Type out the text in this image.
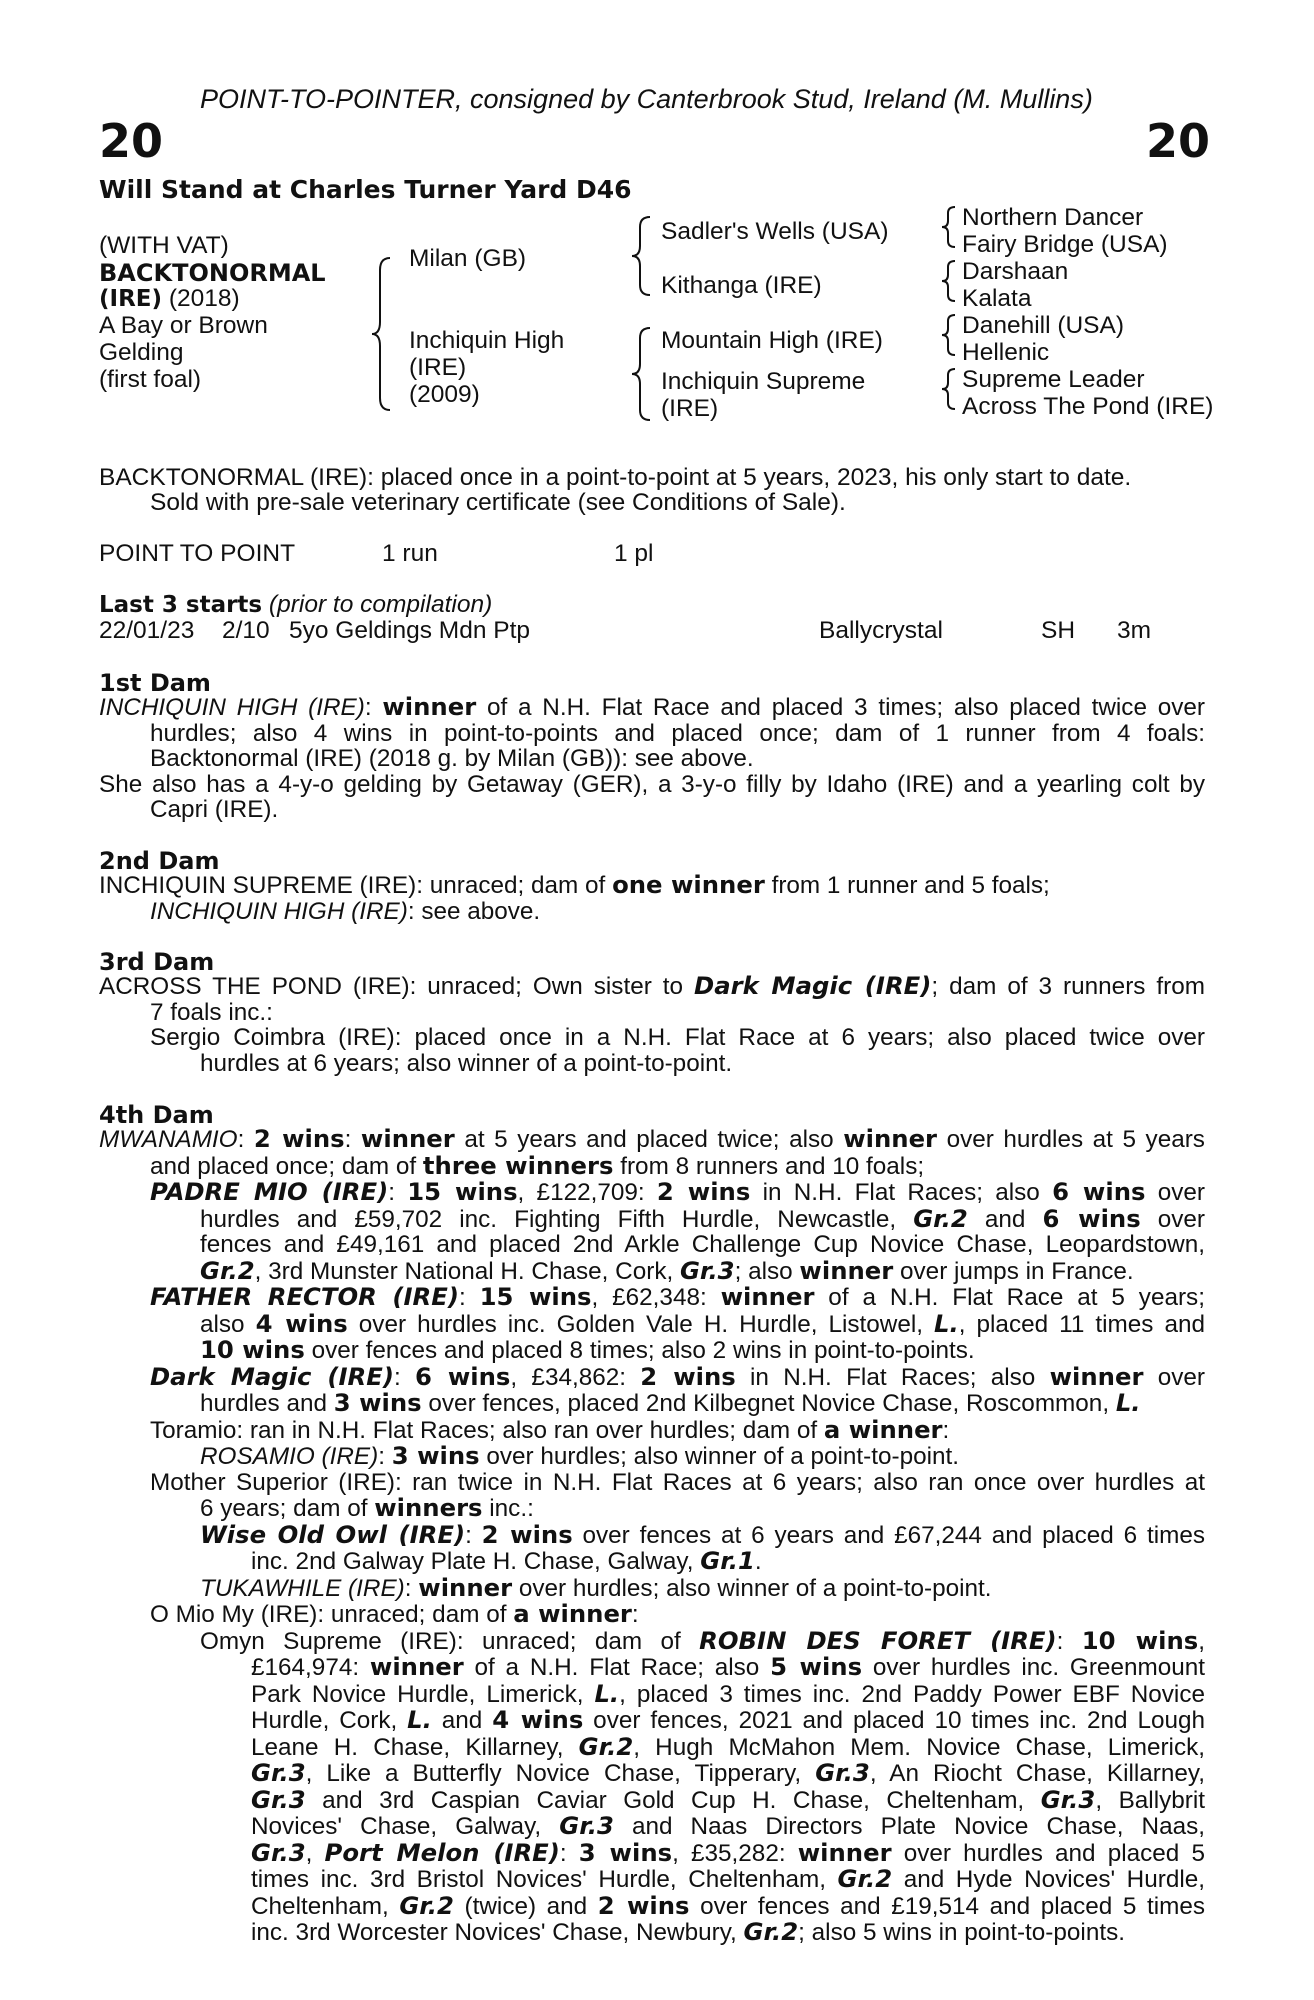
POINT-TO-POINTER, consigned by Canterbrook Stud, Ireland (M. Mullins)
20	20
Will Stand at Charles Turner Yard D46
(WITH VAT)
BACKTONORMAL
(IRE) (2018)
A Bay or Brown
Gelding
(first foal)
Milan (GB)
Inchiquin High
(IRE)
(2009)
Sadler's Wells (USA)
Kithanga (IRE)
Mountain High (IRE)
Inchiquin Supreme
(IRE)
Northern Dancer
Fairy Bridge (USA)
Darshaan
Kalata
Danehill (USA)
Hellenic
Supreme Leader
Across The Pond (IRE)
BACKTONORMAL (IRE): placed once in a point-to-point at 5 years, 2023, his only start to date.
Sold with pre-sale veterinary certificate (see Conditions of Sale).
POINT TO POINT	1 run	1 pl
Last 3 starts (prior to compilation)
22/01/23 2/10 5yo Geldings Mdn Ptp	Ballycrystal	SH 3m
1st Dam
INCHIQUIN HIGH (IRE): winner of a N.H. Flat Race and placed 3 times; also placed twice over
hurdles; also 4 wins in point-to-points and placed once; dam of 1 runner from 4 foals:
Backtonormal (IRE) (2018 g. by Milan (GB)): see above.
She also has a 4-y-o gelding by Getaway (GER), a 3-y-o filly by Idaho (IRE) and a yearling colt by
Capri (IRE).
2nd Dam
INCHIQUIN SUPREME (IRE): unraced; dam of one winner from 1 runner and 5 foals;
INCHIQUIN HIGH (IRE): see above.
3rd Dam
ACROSS THE POND (IRE): unraced; Own sister to Dark Magic (IRE); dam of 3 runners from
7 foals inc.:
Sergio Coimbra (IRE): placed once in a N.H. Flat Race at 6 years; also placed twice over
hurdles at 6 years; also winner of a point-to-point.
4th Dam
MWANAMIO: 2 wins: winner at 5 years and placed twice; also winner over hurdles at 5 years
and placed once; dam of three winners from 8 runners and 10 foals;
PADRE MIO (IRE): 15 wins, £122,709: 2 wins in N.H. Flat Races; also 6 wins over
hurdles and £59,702 inc. Fighting Fifth Hurdle, Newcastle, Gr.2 and 6 wins over
fences and £49,161 and placed 2nd Arkle Challenge Cup Novice Chase, Leopardstown,
Gr.2, 3rd Munster National H. Chase, Cork, Gr.3; also winner over jumps in France.
FATHER RECTOR (IRE): 15 wins, £62,348: winner of a N.H. Flat Race at 5 years;
also 4 wins over hurdles inc. Golden Vale H. Hurdle, Listowel, L., placed 11 times and
10 wins over fences and placed 8 times; also 2 wins in point-to-points.
Dark Magic (IRE): 6 wins, £34,862: 2 wins in N.H. Flat Races; also winner over
hurdles and 3 wins over fences, placed 2nd Kilbegnet Novice Chase, Roscommon, L.
Toramio: ran in N.H. Flat Races; also ran over hurdles; dam of a winner:
ROSAMIO (IRE): 3 wins over hurdles; also winner of a point-to-point.
Mother Superior (IRE): ran twice in N.H. Flat Races at 6 years; also ran once over hurdles at
6 years; dam of winners inc.:
Wise Old Owl (IRE): 2 wins over fences at 6 years and £67,244 and placed 6 times
inc. 2nd Galway Plate H. Chase, Galway, Gr.1.
TUKAWHILE (IRE): winner over hurdles; also winner of a point-to-point.
O Mio My (IRE): unraced; dam of a winner:
Omyn Supreme (IRE): unraced; dam of ROBIN DES FORET (IRE): 10 wins,
£164,974: winner of a N.H. Flat Race; also 5 wins over hurdles inc. Greenmount
Park Novice Hurdle, Limerick, L., placed 3 times inc. 2nd Paddy Power EBF Novice
Hurdle, Cork, L. and 4 wins over fences, 2021 and placed 10 times inc. 2nd Lough
Leane H. Chase, Killarney, Gr.2, Hugh McMahon Mem. Novice Chase, Limerick,
Gr.3, Like a Butterfly Novice Chase, Tipperary, Gr.3, An Riocht Chase, Killarney,
Gr.3 and 3rd Caspian Caviar Gold Cup H. Chase, Cheltenham, Gr.3, Ballybrit
Novices' Chase, Galway, Gr.3 and Naas Directors Plate Novice Chase, Naas,
Gr.3, Port Melon (IRE): 3 wins, £35,282: winner over hurdles and placed 5
times inc. 3rd Bristol Novices' Hurdle, Cheltenham, Gr.2 and Hyde Novices' Hurdle,
Cheltenham, Gr.2 (twice) and 2 wins over fences and £19,514 and placed 5 times
inc. 3rd Worcester Novices' Chase, Newbury, Gr.2; also 5 wins in point-to-points.
